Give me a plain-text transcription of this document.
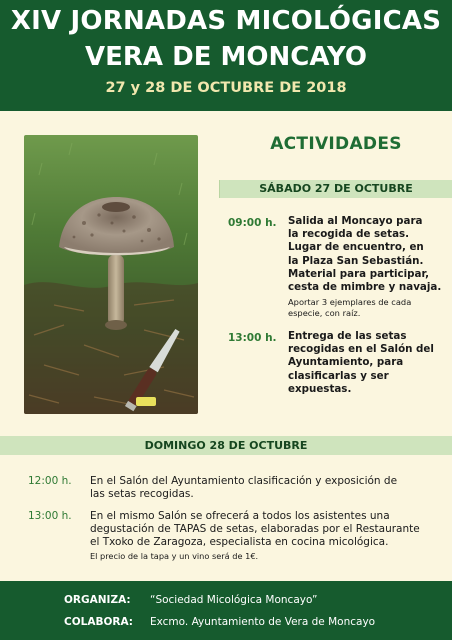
XIV JORNADAS MICOLÓGICAS
VERA DE MONCAYO
27 y 28 DE OCTUBRE DE 2018
ACTIVIDADES
SÁBADO 27 DE OCTUBRE
09:00 h. Salida al Moncayo para
la recogida de setas.
Lugar de encuentro, en
la Plaza San Sebastián.
Material para participar,
cesta de mimbre y navaja.
Aportar 3 ejemplares de cada
especie, con raíz.
13:00 h. Entrega de las setas
recogidas en el Salón del
Ayuntamiento, para
clasificarlas y ser
expuestas.
DOMINGO 28 DE OCTUBRE
12:00 h. En el Salón del Ayuntamiento clasificación y exposición de
las setas recogidas.
13:00 h. En el mismo Salón se ofrecerá a todos los asistentes una
degustación de TAPAS de setas, elaboradas por el Restaurante
el Txoko de Zaragoza, especialista en cocina micológica.
El precio de la tapa y un vino será de 1€.
ORGANIZA: “Sociedad Micológica Moncayo”
COLABORA: Excmo. Ayuntamiento de Vera de Moncayo
